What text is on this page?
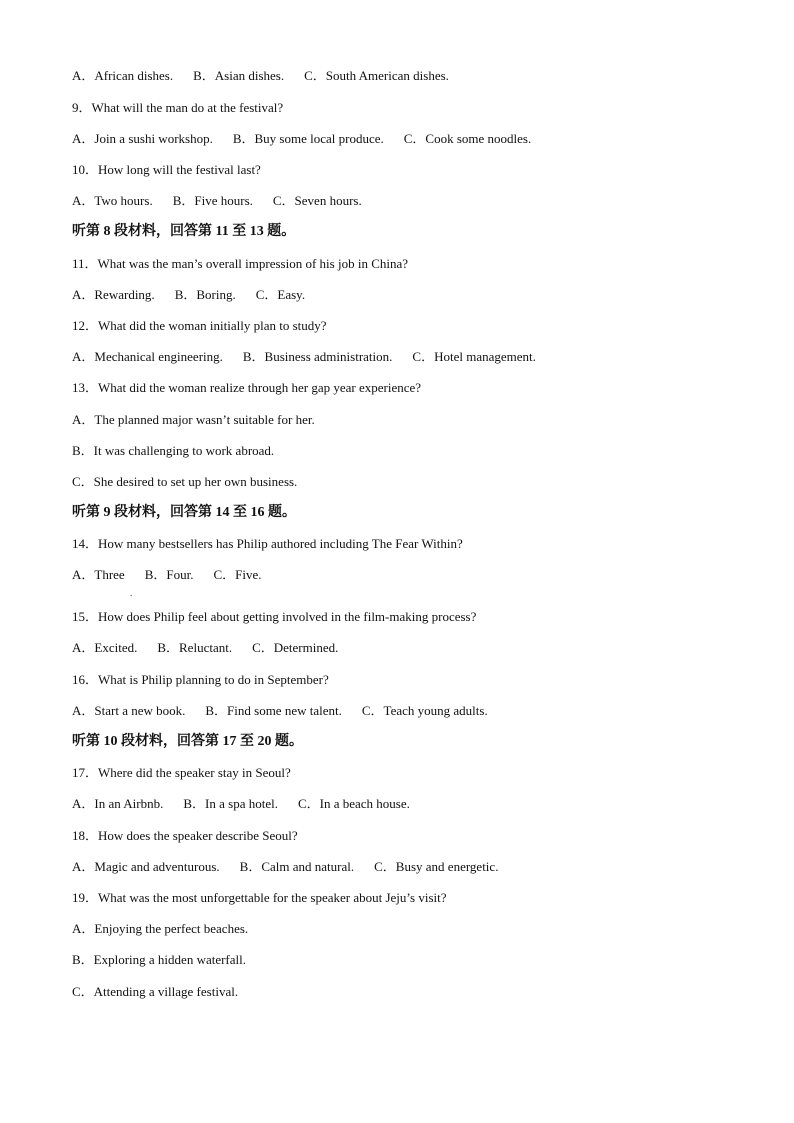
A．African dishes. B．Asian dishes. C．South American dishes.
9．What will the man do at the festival?
A．Join a sushi workshop. B．Buy some local produce. C．Cook some noodles.
10．How long will the festival last?
A．Two hours. B．Five hours. C．Seven hours.
听第 8 段材料，回答第 11 至 13 题。
11．What was the man’s overall impression of his job in China?
A．Rewarding. B．Boring. C．Easy.
12．What did the woman initially plan to study?
A．Mechanical engineering. B．Business administration. C．Hotel management.
13．What did the woman realize through her gap year experience?
A．The planned major wasn’t suitable for her.
B．It was challenging to work abroad.
C．She desired to set up her own business.
听第 9 段材料，回答第 14 至 16 题。
14．How many bestsellers has Philip authored including The Fear Within?
A．Three B．Four. C．Five.
15．How does Philip feel about getting involved in the film-making process?
A．Excited. B．Reluctant. C．Determined.
16．What is Philip planning to do in September?
A．Start a new book. B．Find some new talent. C．Teach young adults.
听第 10 段材料，回答第 17 至 20 题。
17．Where did the speaker stay in Seoul?
A．In an Airbnb. B．In a spa hotel. C．In a beach house.
18．How does the speaker describe Seoul?
A．Magic and adventurous. B．Calm and natural. C．Busy and energetic.
19．What was the most unforgettable for the speaker about Jeju’s visit?
A．Enjoying the perfect beaches.
B．Exploring a hidden waterfall.
C．Attending a village festival.
.
